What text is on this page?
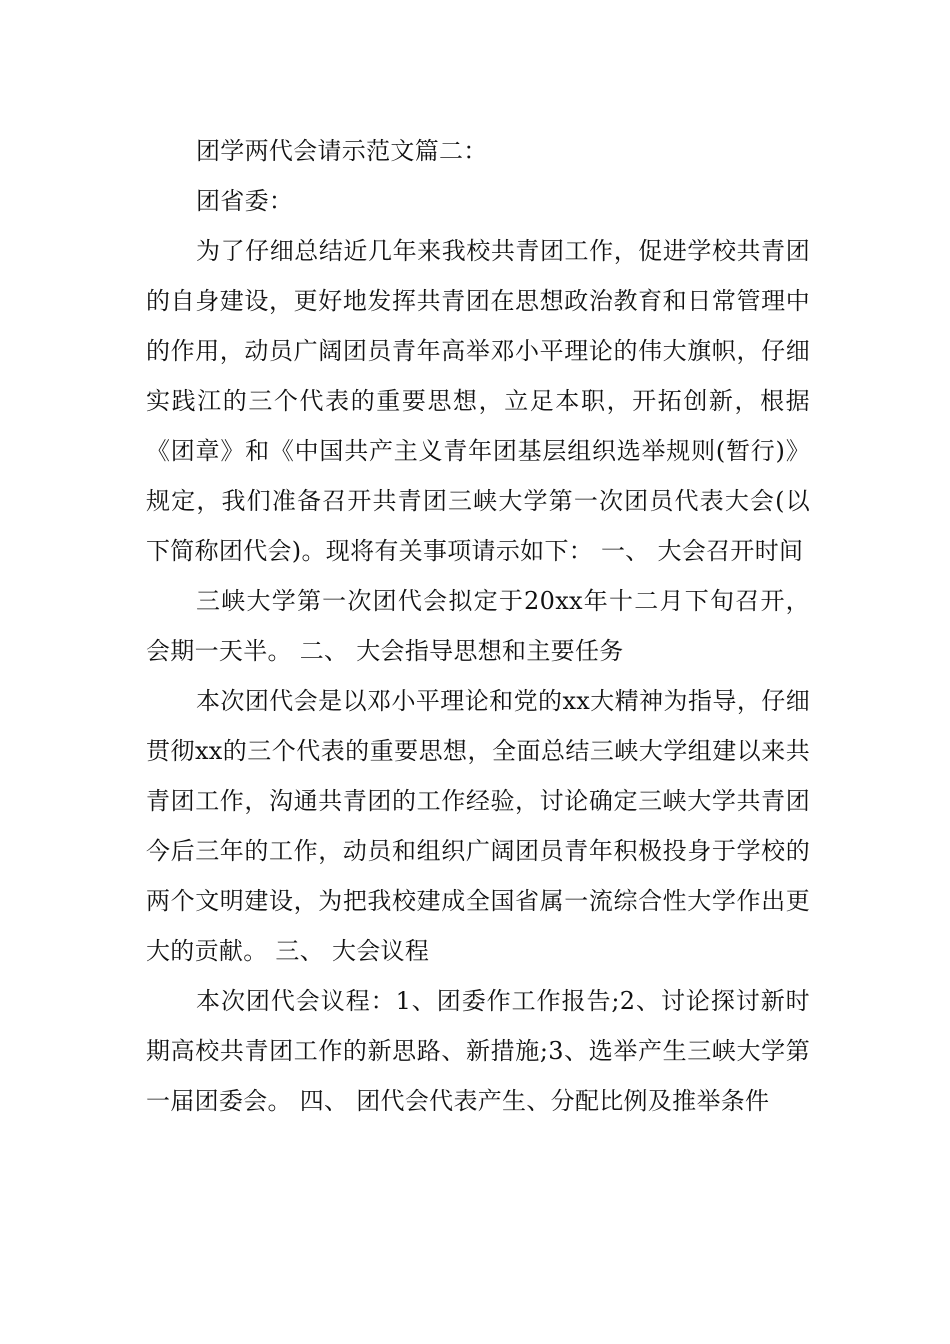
团学两代会请示范文篇二：

团省委：

为了仔细总结近几年来我校共青团工作，促进学校共青团的自身建设，更好地发挥共青团在思想政治教育和日常管理中的作用，动员广阔团员青年高举邓小平理论的伟大旗帜，仔细实践江的三个代表的重要思想，立足本职，开拓创新，根据《团章》和《中国共产主义青年团基层组织选举规则(暂行)》规定，我们准备召开共青团三峡大学第一次团员代表大会(以下简称团代会)。现将有关事项请示如下： 一、 大会召开时间

三峡大学第一次团代会拟定于20xx年十二月下旬召开，会期一天半。 二、 大会指导思想和主要任务

本次团代会是以邓小平理论和党的xx大精神为指导，仔细贯彻xx的三个代表的重要思想，全面总结三峡大学组建以来共青团工作，沟通共青团的工作经验，讨论确定三峡大学共青团今后三年的工作，动员和组织广阔团员青年积极投身于学校的两个文明建设，为把我校建成全国省属一流综合性大学作出更大的贡献。 三、 大会议程

本次团代会议程：1、团委作工作报告;2、讨论探讨新时期高校共青团工作的新思路、新措施;3、选举产生三峡大学第一届团委会。 四、 团代会代表产生、分配比例及推举条件
